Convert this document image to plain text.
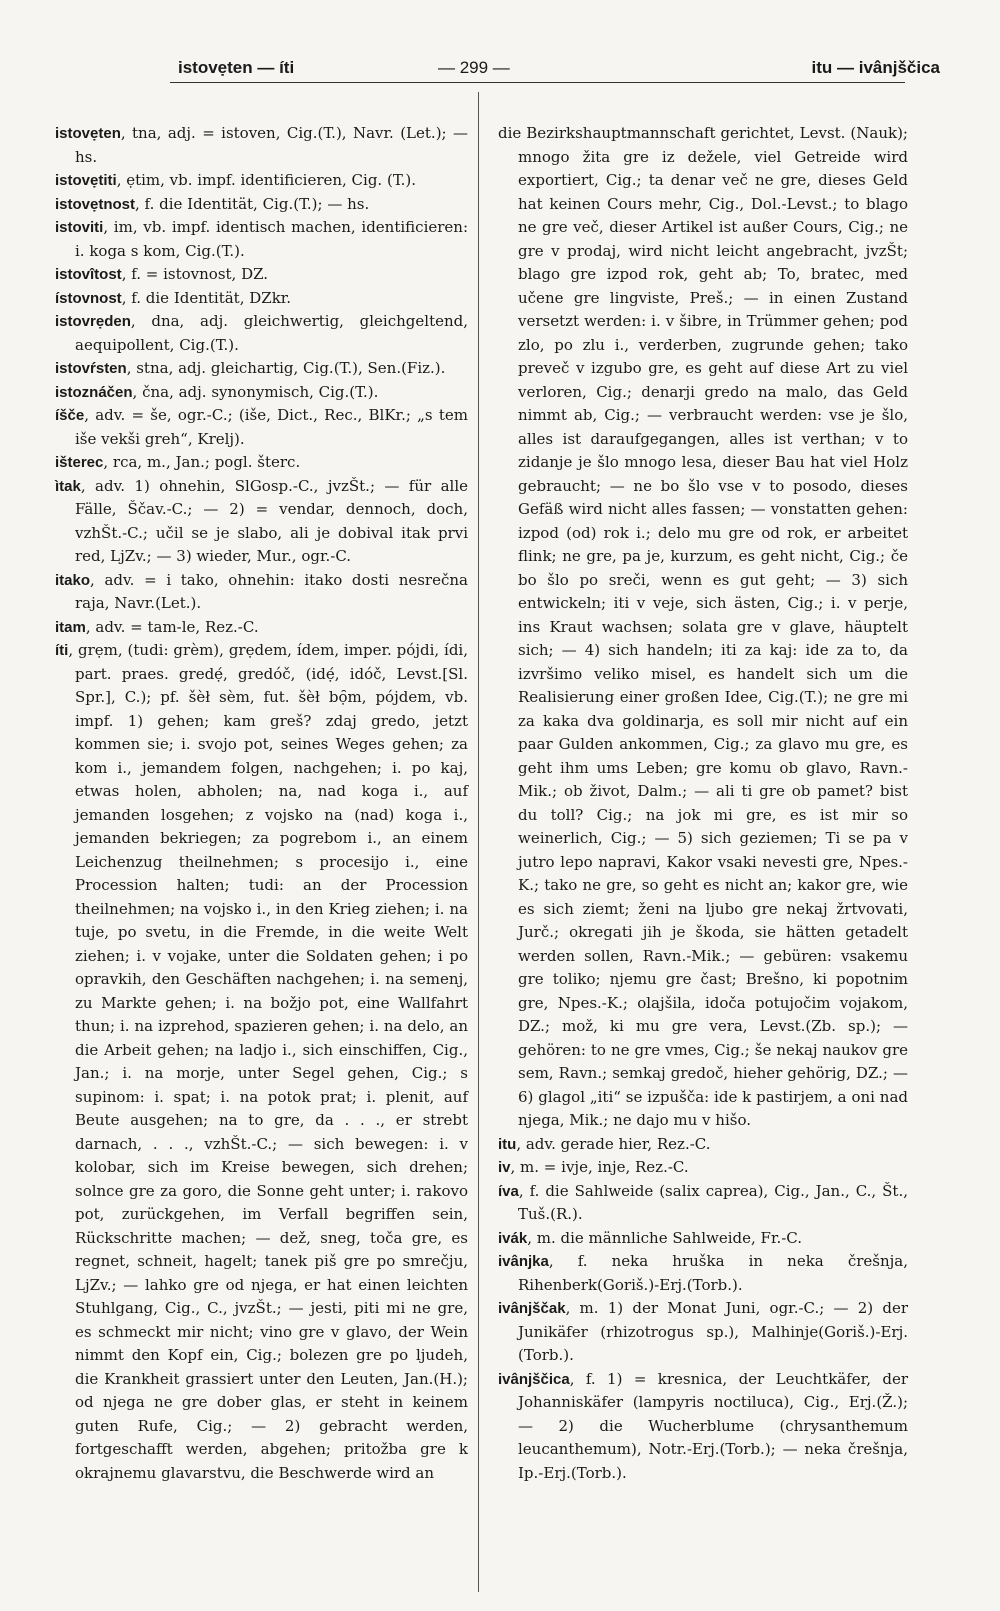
istovẹten — íti	— 299 —	itu — ivânjščica

istovẹten, tna, adj. = istoven, Cig.(T.), Navr. (Let.); — hs.

istovẹtiti, ẹtim, vb. impf. identificieren, Cig. (T.).

istovẹtnost, f. die Identität, Cig.(T.); — hs.

istoviti, im, vb. impf. identisch machen, identificieren: i. koga s kom, Cig.(T.).

istovîtost, f. = istovnost, DZ.

ístovnost, f. die Identität, DZkr.

istovrẹden, dna, adj. gleichwertig, gleichgeltend, aequipollent, Cig.(T.).

istovŕsten, stna, adj. gleichartig, Cig.(T.), Sen.(Fiz.).

istoznáčen, čna, adj. synonymisch, Cig.(T.).

íšče, adv. = še, ogr.-C.; (iše, Dict., Rec., BlKr.; „s tem iše vekši greh“, Krelj).

išterec, rca, m., Jan.; pogl. šterc.

ìtak, adv. 1) ohnehin, SlGosp.-C., jvzŠt.; — für alle Fälle, Ščav.-C.; — 2) = vendar, dennoch, doch, vzhŠt.-C.; učil se je slabo, ali je dobival itak prvi red, LjZv.; — 3) wieder, Mur., ogr.-C.

itako, adv. = i tako, ohnehin: itako dosti nesrečna raja, Navr.(Let.).

itam, adv. = tam-le, Rez.-C.

íti, grẹm, (tudi: grèm), grẹdem, ídem, imper. pójdi, ídi, part. praes. gredẹ́, gredóč, (idẹ́, idóč, Levst.[Sl. Spr.], C.); pf. šèł sèm, fut. šèł bọ̑m, pójdem, vb. impf. 1) gehen; kam greš? zdaj gredo, jetzt kommen sie; i. svojo pot, seines Weges gehen; za kom i., jemandem folgen, nachgehen; i. po kaj, etwas holen, abholen; na, nad koga i., auf jemanden losgehen; z vojsko na (nad) koga i., jemanden bekriegen; za pogrebom i., an einem Leichenzug theilnehmen; s procesijo i., eine Procession halten; tudi: an der Procession theilnehmen; na vojsko i., in den Krieg ziehen; i. na tuje, po svetu, in die Fremde, in die weite Welt ziehen; i. v vojake, unter die Soldaten gehen; i po opravkih, den Geschäften nachgehen; i. na semenj, zu Markte gehen; i. na božjo pot, eine Wallfahrt thun; i. na izprehod, spazieren gehen; i. na delo, an die Arbeit gehen; na ladjo i., sich einschiffen, Cig., Jan.; i. na morje, unter Segel gehen, Cig.; s supinom: i. spat; i. na potok prat; i. plenit, auf Beute ausgehen; na to gre, da . . ., er strebt darnach, . . ., vzhŠt.-C.; — sich bewegen: i. v kolobar, sich im Kreise bewegen, sich drehen; solnce gre za goro, die Sonne geht unter; i. rakovo pot, zurückgehen, im Verfall begriffen sein, Rückschritte machen; — dež, sneg, toča gre, es regnet, schneit, hagelt; tanek piš gre po smrečju, LjZv.; — lahko gre od njega, er hat einen leichten Stuhlgang, Cig., C., jvzŠt.; — jesti, piti mi ne gre, es schmeckt mir nicht; vino gre v glavo, der Wein nimmt den Kopf ein, Cig.; bolezen gre po ljudeh, die Krankheit grassiert unter den Leuten, Jan.(H.); od njega ne gre dober glas, er steht in keinem guten Rufe, Cig.; — 2) gebracht werden, fortgeschafft werden, abgehen; pritožba gre k okrajnemu glavarstvu, die Beschwerde wird an

die Bezirkshauptmannschaft gerichtet, Levst. (Nauk); mnogo žita gre iz dežele, viel Getreide wird exportiert, Cig.; ta denar več ne gre, dieses Geld hat keinen Cours mehr, Cig., Dol.-Levst.; to blago ne gre več, dieser Artikel ist außer Cours, Cig.; ne gre v prodaj, wird nicht leicht angebracht, jvzŠt; blago gre izpod rok, geht ab; To, bratec, med učene gre lingviste, Preš.; — in einen Zustand versetzt werden: i. v šibre, in Trümmer gehen; pod zlo, po zlu i., verderben, zugrunde gehen; tako preveč v izgubo gre, es geht auf diese Art zu viel verloren, Cig.; denarji gredo na malo, das Geld nimmt ab, Cig.; — verbraucht werden: vse je šlo, alles ist daraufgegangen, alles ist verthan; v to zidanje je šlo mnogo lesa, dieser Bau hat viel Holz gebraucht; — ne bo šlo vse v to posodo, dieses Gefäß wird nicht alles fassen; — vonstatten gehen: izpod (od) rok i.; delo mu gre od rok, er arbeitet flink; ne gre, pa je, kurzum, es geht nicht, Cig.; če bo šlo po sreči, wenn es gut geht; — 3) sich entwickeln; iti v veje, sich ästen, Cig.; i. v perje, ins Kraut wachsen; solata gre v glave, häuptelt sich; — 4) sich handeln; iti za kaj: ide za to, da izvršimo veliko misel, es handelt sich um die Realisierung einer großen Idee, Cig.(T.); ne gre mi za kaka dva goldinarja, es soll mir nicht auf ein paar Gulden ankommen, Cig.; za glavo mu gre, es geht ihm ums Leben; gre komu ob glavo, Ravn.-Mik.; ob život, Dalm.; — ali ti gre ob pamet? bist du toll? Cig.; na jok mi gre, es ist mir so weinerlich, Cig.; — 5) sich geziemen; Ti se pa v jutro lepo napravi, Kakor vsaki nevesti gre, Npes.-K.; tako ne gre, so geht es nicht an; kakor gre, wie es sich ziemt; ženi na ljubo gre nekaj žrtvovati, Jurč.; okregati jih je škoda, sie hätten getadelt werden sollen, Ravn.-Mik.; — gebüren: vsakemu gre toliko; njemu gre čast; Brešno, ki popotnim gre, Npes.-K.; olajšila, idoča potujočim vojakom, DZ.; mož, ki mu gre vera, Levst.(Zb. sp.); — gehören: to ne gre vmes, Cig.; še nekaj naukov gre sem, Ravn.; semkaj gredoč, hieher gehörig, DZ.; — 6) glagol „iti“ se izpušča: ide k pastirjem, a oni nad njega, Mik.; ne dajo mu v hišo.

itu, adv. gerade hier, Rez.-C.

iv, m. = ivje, inje, Rez.-C.

íva, f. die Sahlweide (salix caprea), Cig., Jan., C., Št., Tuš.(R.).

ivák, m. die männliche Sahlweide, Fr.-C.

ivânjka, f. neka hruška in neka črešnja, Rihenberk(Goriš.)-Erj.(Torb.).

ivânjščak, m. 1) der Monat Juni, ogr.-C.; — 2) der Junikäfer (rhizotrogus sp.), Malhinje(Goriš.)-Erj.(Torb.).

ivânjščica, f. 1) = kresnica, der Leuchtkäfer, der Johanniskäfer (lampyris noctiluca), Cig., Erj.(Ž.); — 2) die Wucherblume (chrysanthemum leucanthemum), Notr.-Erj.(Torb.); — neka črešnja, Ip.-Erj.(Torb.).
